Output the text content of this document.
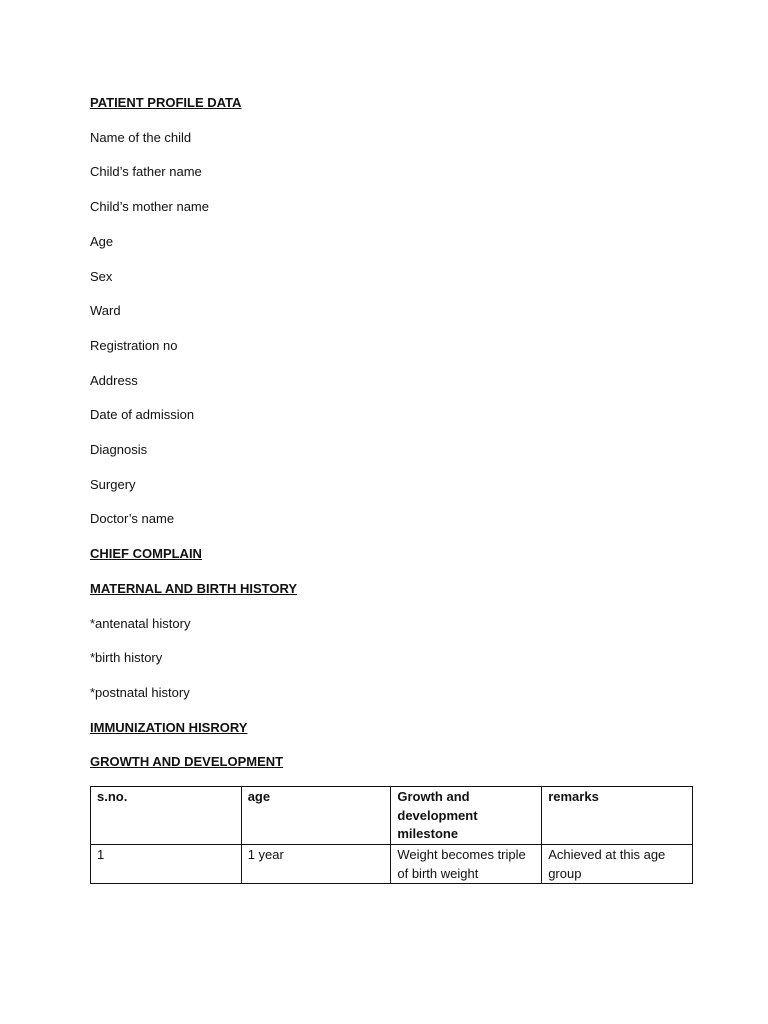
PATIENT PROFILE DATA
Name of the child
Child’s father name
Child’s mother name
Age
Sex
Ward
Registration no
Address
Date of admission
Diagnosis
Surgery
Doctor’s name
CHIEF COMPLAIN
MATERNAL AND BIRTH HISTORY
*antenatal history
*birth history
*postnatal history
IMMUNIZATION HISRORY
GROWTH AND DEVELOPMENT
s.no.	age	Growth and development milestone	remarks
1	1 year	Weight becomes triple of birth weight	Achieved at this age group
